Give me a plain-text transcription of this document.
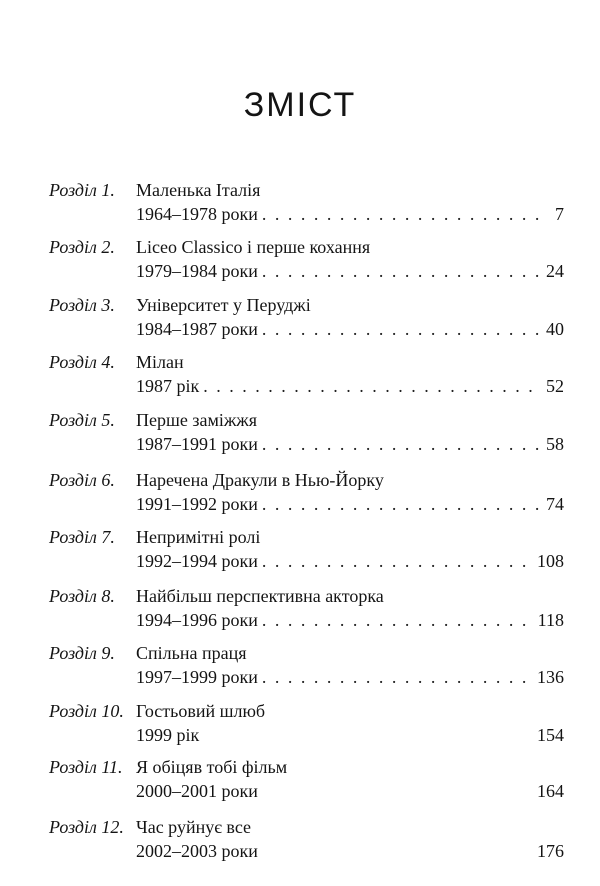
ЗМІСТ
Розділ 1. Маленька Італія
1964–1978 роки . . .	7
Розділ 2. Liceo Classico і перше кохання
1979–1984 роки . . .	24
Розділ 3. Університет у Перуджі
1984–1987 роки . . .	40
Розділ 4. Мілан
1987 рік . . .	52
Розділ 5. Перше заміжжя
1987–1991 роки . . .	58
Розділ 6. Наречена Дракули в Нью-Йорку
1991–1992 роки . . .	74
Розділ 7. Непримітні ролі
1992–1994 роки . . .	108
Розділ 8. Найбільш перспективна акторка
1994–1996 роки . . .	118
Розділ 9. Спільна праця
1997–1999 роки . . .	136
Розділ 10. Гостьовий шлюб
1999 рік	154
Розділ 11. Я обіцяв тобі фільм
2000–2001 роки	164
Розділ 12. Час руйнує все
2002–2003 роки	176
